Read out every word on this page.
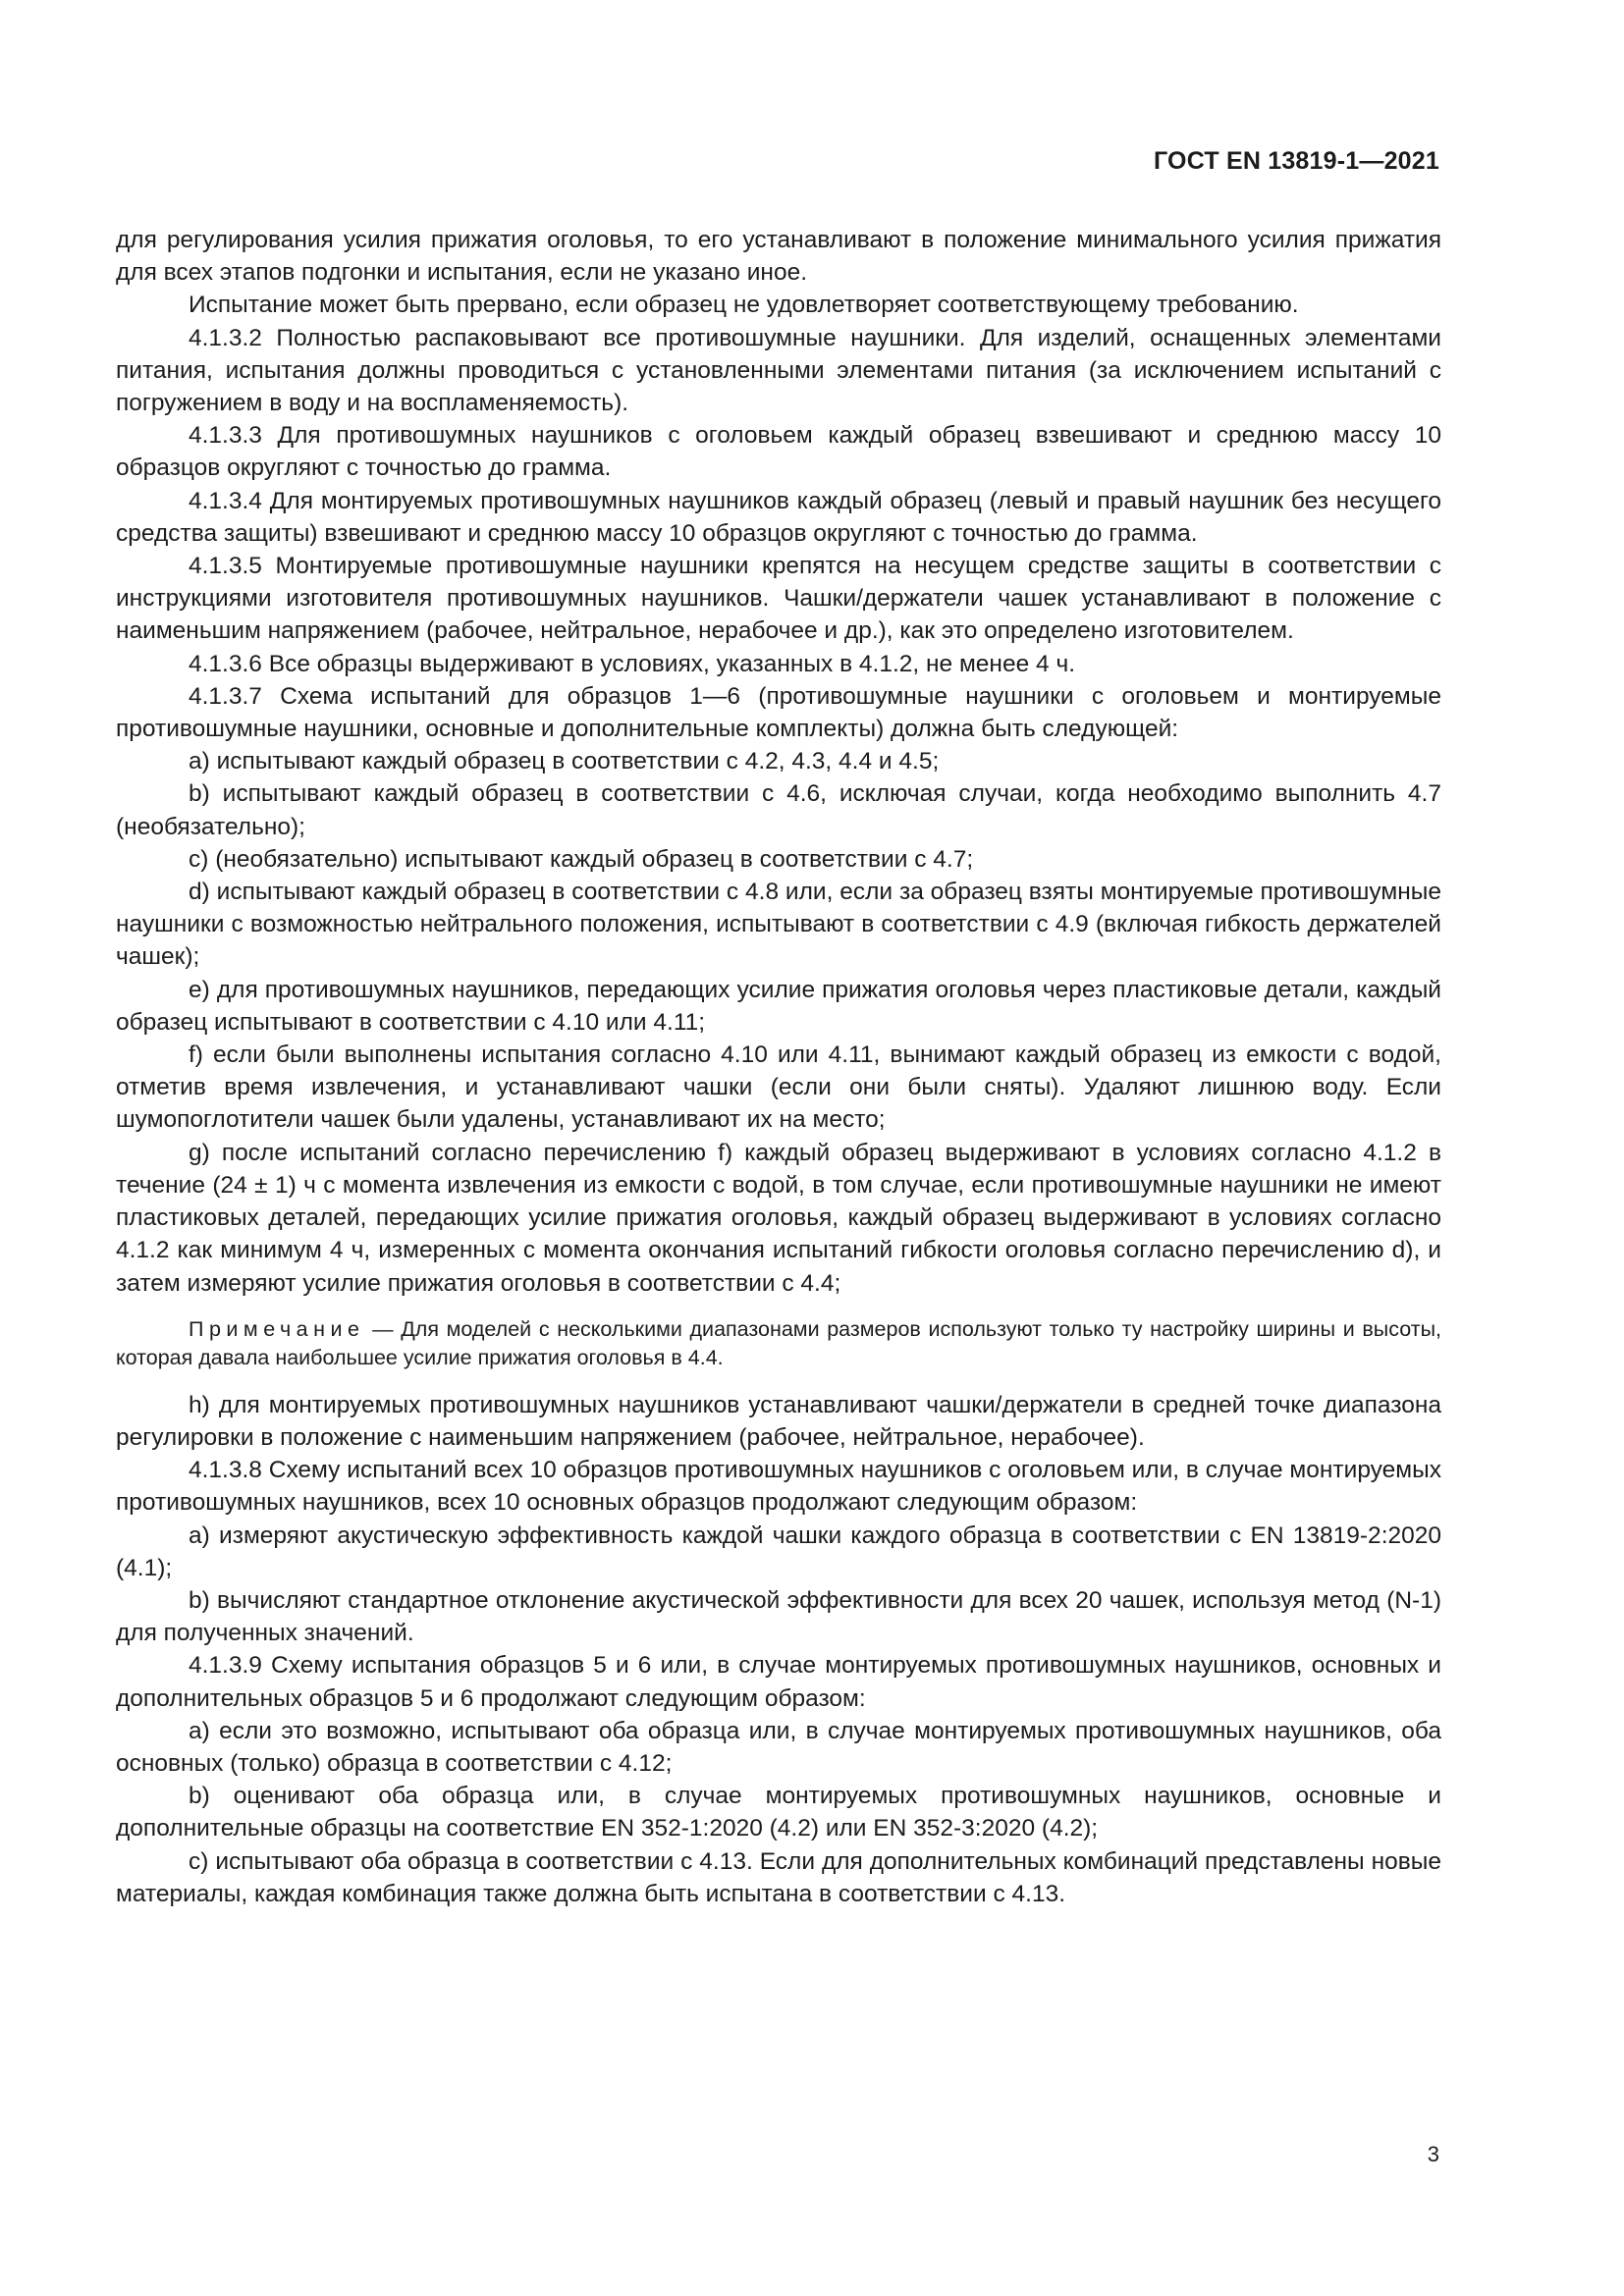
ГОСТ EN 13819-1—2021

для регулирования усилия прижатия оголовья, то его устанавливают в положение минимального усилия прижатия для всех этапов подгонки и испытания, если не указано иное.

Испытание может быть прервано, если образец не удовлетворяет соответствующему требованию.

4.1.3.2 Полностью распаковывают все противошумные наушники. Для изделий, оснащенных элементами питания, испытания должны проводиться с установленными элементами питания (за исключением испытаний с погружением в воду и на воспламеняемость).

4.1.3.3 Для противошумных наушников с оголовьем каждый образец взвешивают и среднюю массу 10 образцов округляют с точностью до грамма.

4.1.3.4 Для монтируемых противошумных наушников каждый образец (левый и правый наушник без несущего средства защиты) взвешивают и среднюю массу 10 образцов округляют с точностью до грамма.

4.1.3.5 Монтируемые противошумные наушники крепятся на несущем средстве защиты в соответствии с инструкциями изготовителя противошумных наушников. Чашки/держатели чашек устанавливают в положение с наименьшим напряжением (рабочее, нейтральное, нерабочее и др.), как это определено изготовителем.

4.1.3.6 Все образцы выдерживают в условиях, указанных в 4.1.2, не менее 4 ч.

4.1.3.7 Схема испытаний для образцов 1—6 (противошумные наушники с оголовьем и монтируемые противошумные наушники, основные и дополнительные комплекты) должна быть следующей:

a) испытывают каждый образец в соответствии с 4.2, 4.3, 4.4 и 4.5;

b) испытывают каждый образец в соответствии с 4.6, исключая случаи, когда необходимо выполнить 4.7 (необязательно);

c) (необязательно) испытывают каждый образец в соответствии с 4.7;

d) испытывают каждый образец в соответствии с 4.8 или, если за образец взяты монтируемые противошумные наушники с возможностью нейтрального положения, испытывают в соответствии с 4.9 (включая гибкость держателей чашек);

e) для противошумных наушников, передающих усилие прижатия оголовья через пластиковые детали, каждый образец испытывают в соответствии с 4.10 или 4.11;

f) если были выполнены испытания согласно 4.10 или 4.11, вынимают каждый образец из емкости с водой, отметив время извлечения, и устанавливают чашки (если они были сняты). Удаляют лишнюю воду. Если шумопоглотители чашек были удалены, устанавливают их на место;

g) после испытаний согласно перечислению f) каждый образец выдерживают в условиях согласно 4.1.2 в течение (24 ± 1) ч с момента извлечения из емкости с водой, в том случае, если противошумные наушники не имеют пластиковых деталей, передающих усилие прижатия оголовья, каждый образец выдерживают в условиях согласно 4.1.2 как минимум 4 ч, измеренных с момента окончания испытаний гибкости оголовья согласно перечислению d), и затем измеряют усилие прижатия оголовья в соответствии с 4.4;

Примечание — Для моделей с несколькими диапазонами размеров используют только ту настройку ширины и высоты, которая давала наибольшее усилие прижатия оголовья в 4.4.

h) для монтируемых противошумных наушников устанавливают чашки/держатели в средней точке диапазона регулировки в положение с наименьшим напряжением (рабочее, нейтральное, нерабочее).

4.1.3.8 Схему испытаний всех 10 образцов противошумных наушников с оголовьем или, в случае монтируемых противошумных наушников, всех 10 основных образцов продолжают следующим образом:

a) измеряют акустическую эффективность каждой чашки каждого образца в соответствии с EN 13819-2:2020 (4.1);

b) вычисляют стандартное отклонение акустической эффективности для всех 20 чашек, используя метод (N-1) для полученных значений.

4.1.3.9 Схему испытания образцов 5 и 6 или, в случае монтируемых противошумных наушников, основных и дополнительных образцов 5 и 6 продолжают следующим образом:

a) если это возможно, испытывают оба образца или, в случае монтируемых противошумных наушников, оба основных (только) образца в соответствии с 4.12;

b) оценивают оба образца или, в случае монтируемых противошумных наушников, основные и дополнительные образцы на соответствие EN 352-1:2020 (4.2) или EN 352-3:2020 (4.2);

c) испытывают оба образца в соответствии с 4.13. Если для дополнительных комбинаций представлены новые материалы, каждая комбинация также должна быть испытана в соответствии с 4.13.

3
